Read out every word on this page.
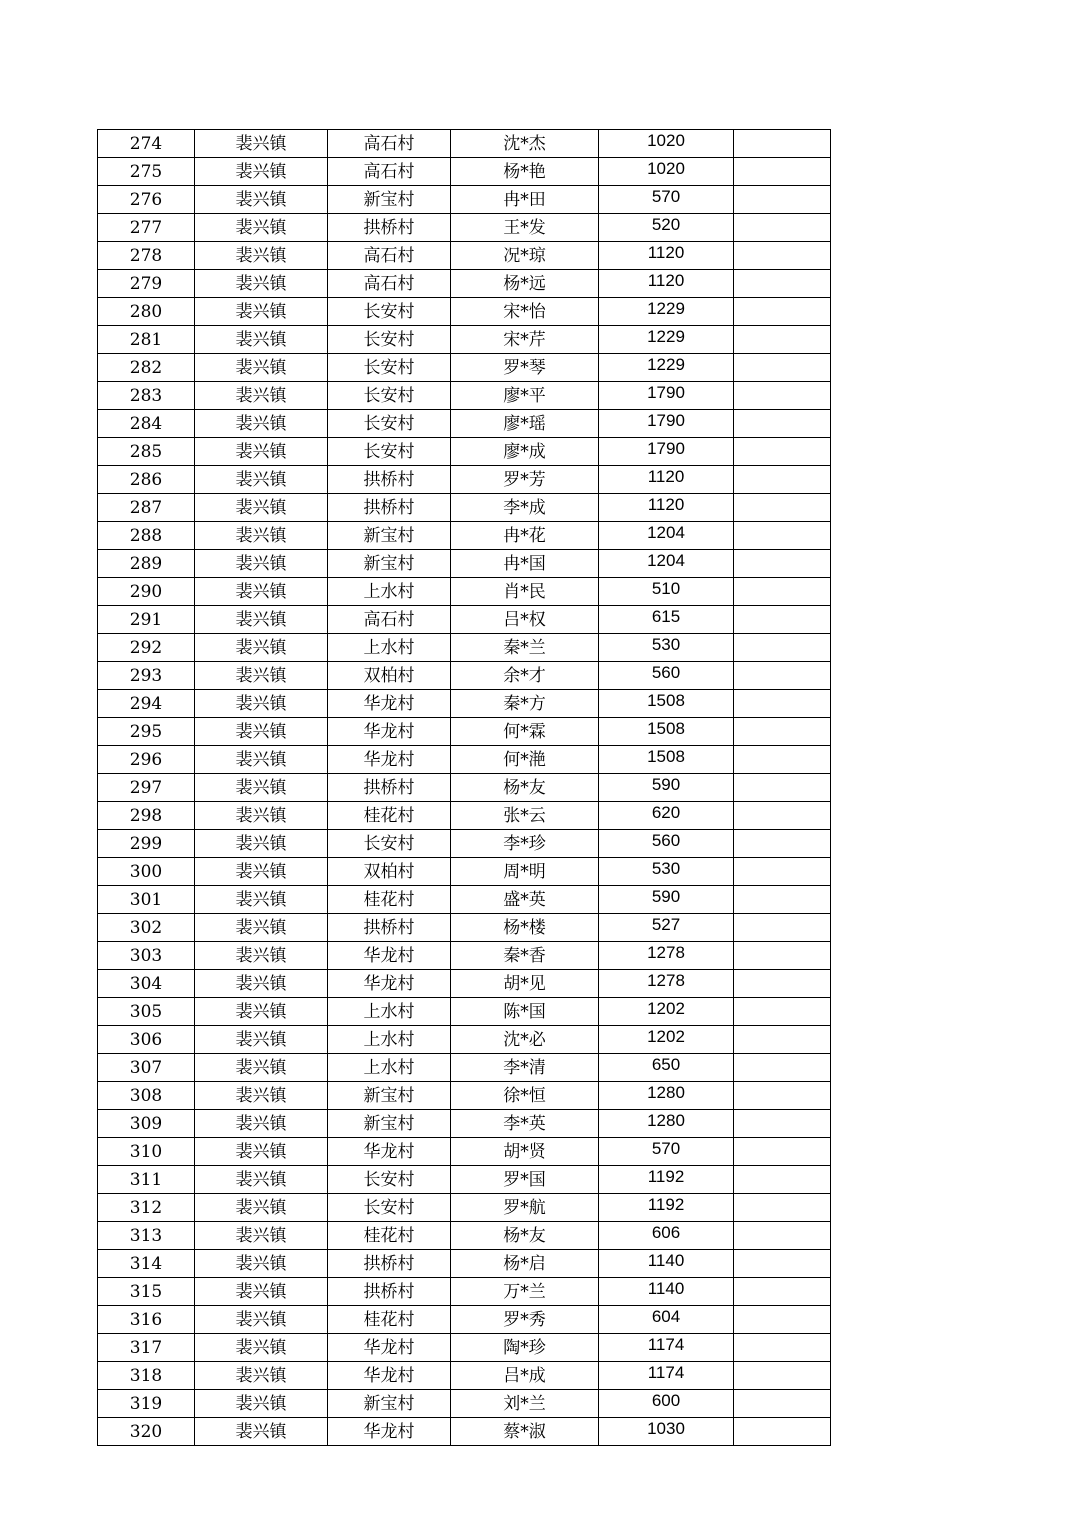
274	裴兴镇	高石村	沈*杰	1020	
275	裴兴镇	高石村	杨*艳	1020	
276	裴兴镇	新宝村	冉*田	570	
277	裴兴镇	拱桥村	王*发	520	
278	裴兴镇	高石村	况*琼	1120	
279	裴兴镇	高石村	杨*远	1120	
280	裴兴镇	长安村	宋*怡	1229	
281	裴兴镇	长安村	宋*芹	1229	
282	裴兴镇	长安村	罗*琴	1229	
283	裴兴镇	长安村	廖*平	1790	
284	裴兴镇	长安村	廖*瑶	1790	
285	裴兴镇	长安村	廖*成	1790	
286	裴兴镇	拱桥村	罗*芳	1120	
287	裴兴镇	拱桥村	李*成	1120	
288	裴兴镇	新宝村	冉*花	1204	
289	裴兴镇	新宝村	冉*国	1204	
290	裴兴镇	上水村	肖*民	510	
291	裴兴镇	高石村	吕*权	615	
292	裴兴镇	上水村	秦*兰	530	
293	裴兴镇	双柏村	余*才	560	
294	裴兴镇	华龙村	秦*方	1508	
295	裴兴镇	华龙村	何*霖	1508	
296	裴兴镇	华龙村	何*滟	1508	
297	裴兴镇	拱桥村	杨*友	590	
298	裴兴镇	桂花村	张*云	620	
299	裴兴镇	长安村	李*珍	560	
300	裴兴镇	双柏村	周*明	530	
301	裴兴镇	桂花村	盛*英	590	
302	裴兴镇	拱桥村	杨*楼	527	
303	裴兴镇	华龙村	秦*香	1278	
304	裴兴镇	华龙村	胡*见	1278	
305	裴兴镇	上水村	陈*国	1202	
306	裴兴镇	上水村	沈*必	1202	
307	裴兴镇	上水村	李*清	650	
308	裴兴镇	新宝村	徐*恒	1280	
309	裴兴镇	新宝村	李*英	1280	
310	裴兴镇	华龙村	胡*贤	570	
311	裴兴镇	长安村	罗*国	1192	
312	裴兴镇	长安村	罗*航	1192	
313	裴兴镇	桂花村	杨*友	606	
314	裴兴镇	拱桥村	杨*启	1140	
315	裴兴镇	拱桥村	万*兰	1140	
316	裴兴镇	桂花村	罗*秀	604	
317	裴兴镇	华龙村	陶*珍	1174	
318	裴兴镇	华龙村	吕*成	1174	
319	裴兴镇	新宝村	刘*兰	600	
320	裴兴镇	华龙村	蔡*淑	1030	
